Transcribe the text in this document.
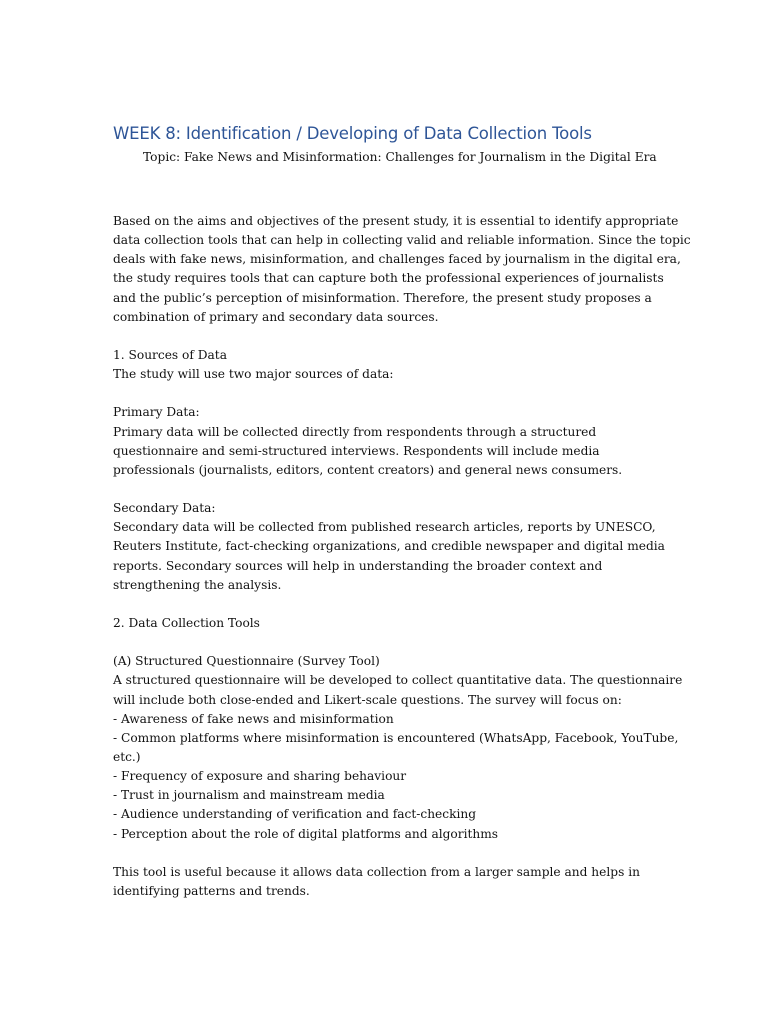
WEEK 8: Identification / Developing of Data Collection Tools
Topic: Fake News and Misinformation: Challenges for Journalism in the Digital Era
Based on the aims and objectives of the present study, it is essential to identify appropriate
data collection tools that can help in collecting valid and reliable information. Since the topic
deals with fake news, misinformation, and challenges faced by journalism in the digital era,
the study requires tools that can capture both the professional experiences of journalists
and the public’s perception of misinformation. Therefore, the present study proposes a
combination of primary and secondary data sources.
1. Sources of Data
The study will use two major sources of data:
Primary Data:
Primary data will be collected directly from respondents through a structured
questionnaire and semi-structured interviews. Respondents will include media
professionals (journalists, editors, content creators) and general news consumers.
Secondary Data:
Secondary data will be collected from published research articles, reports by UNESCO,
Reuters Institute, fact-checking organizations, and credible newspaper and digital media
reports. Secondary sources will help in understanding the broader context and
strengthening the analysis.
2. Data Collection Tools
(A) Structured Questionnaire (Survey Tool)
A structured questionnaire will be developed to collect quantitative data. The questionnaire
will include both close-ended and Likert-scale questions. The survey will focus on:
- Awareness of fake news and misinformation
- Common platforms where misinformation is encountered (WhatsApp, Facebook, YouTube,
etc.)
- Frequency of exposure and sharing behaviour
- Trust in journalism and mainstream media
- Audience understanding of verification and fact-checking
- Perception about the role of digital platforms and algorithms
This tool is useful because it allows data collection from a larger sample and helps in
identifying patterns and trends.
